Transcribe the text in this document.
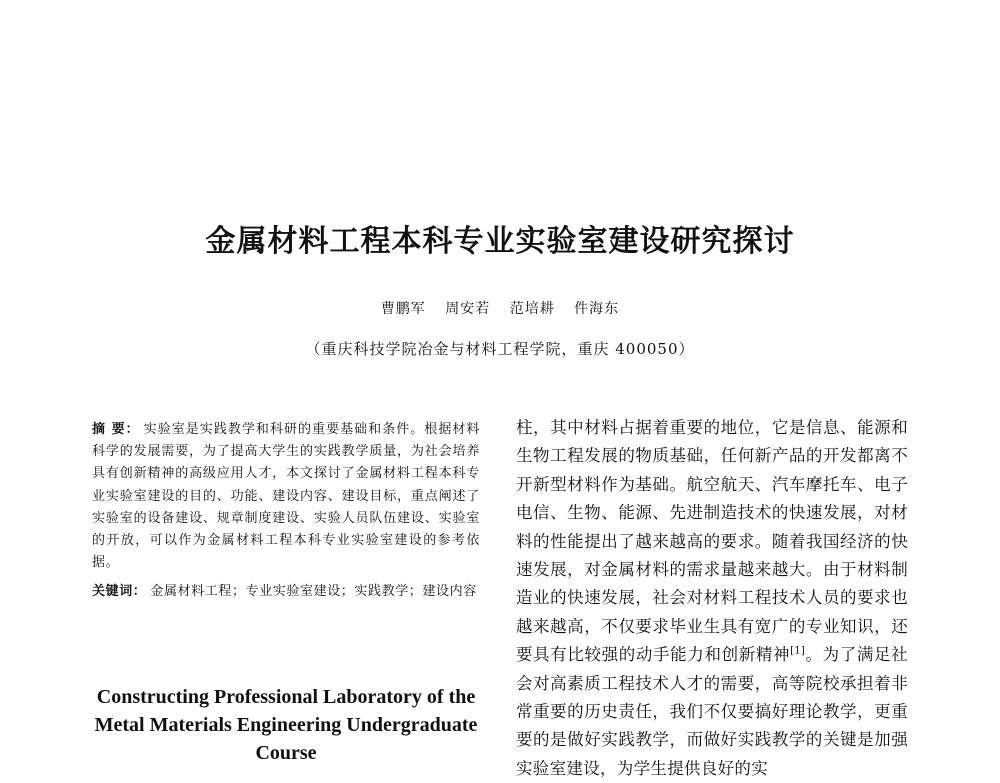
金属材料工程本科专业实验室建设研究探讨
曹鹏军 周安若 范培耕 件海东
（重庆科技学院冶金与材料工程学院，重庆 400050）

摘 要： 实验室是实践教学和科研的重要基础和条件。根据材料科学的发展需要，为了提高大学生的实践教学质量，为社会培养具有创新精神的高级应用人才，本文探讨了金属材料工程本科专业实验室建设的目的、功能、建设内容、建设目标，重点阐述了实验室的设备建设、规章制度建设、实验人员队伍建设、实验室的开放，可以作为金属材料工程本科专业实验室建设的参考依据。

关键词： 金属材料工程；专业实验室建设；实践教学；建设内容

Constructing Professional Laboratory of the Metal Materials Engineering Undergraduate Course

柱，其中材料占据着重要的地位，它是信息、能源和生物工程发展的物质基础，任何新产品的开发都离不开新型材料作为基础。航空航天、汽车摩托车、电子电信、生物、能源、先进制造技术的快速发展，对材料的性能提出了越来越高的要求。随着我国经济的快速发展，对金属材料的需求量越来越大。由于材料制造业的快速发展，社会对材料工程技术人员的要求也越来越高，不仅要求毕业生具有宽广的专业知识，还要具有比较强的动手能力和创新精神[1]。为了满足社会对高素质工程技术人才的需要，高等院校承担着非常重要的历史责任，我们不仅要搞好理论教学，更重要的是做好实践教学，而做好实践教学的关键是加强实验室建设，为学生提供良好的实
